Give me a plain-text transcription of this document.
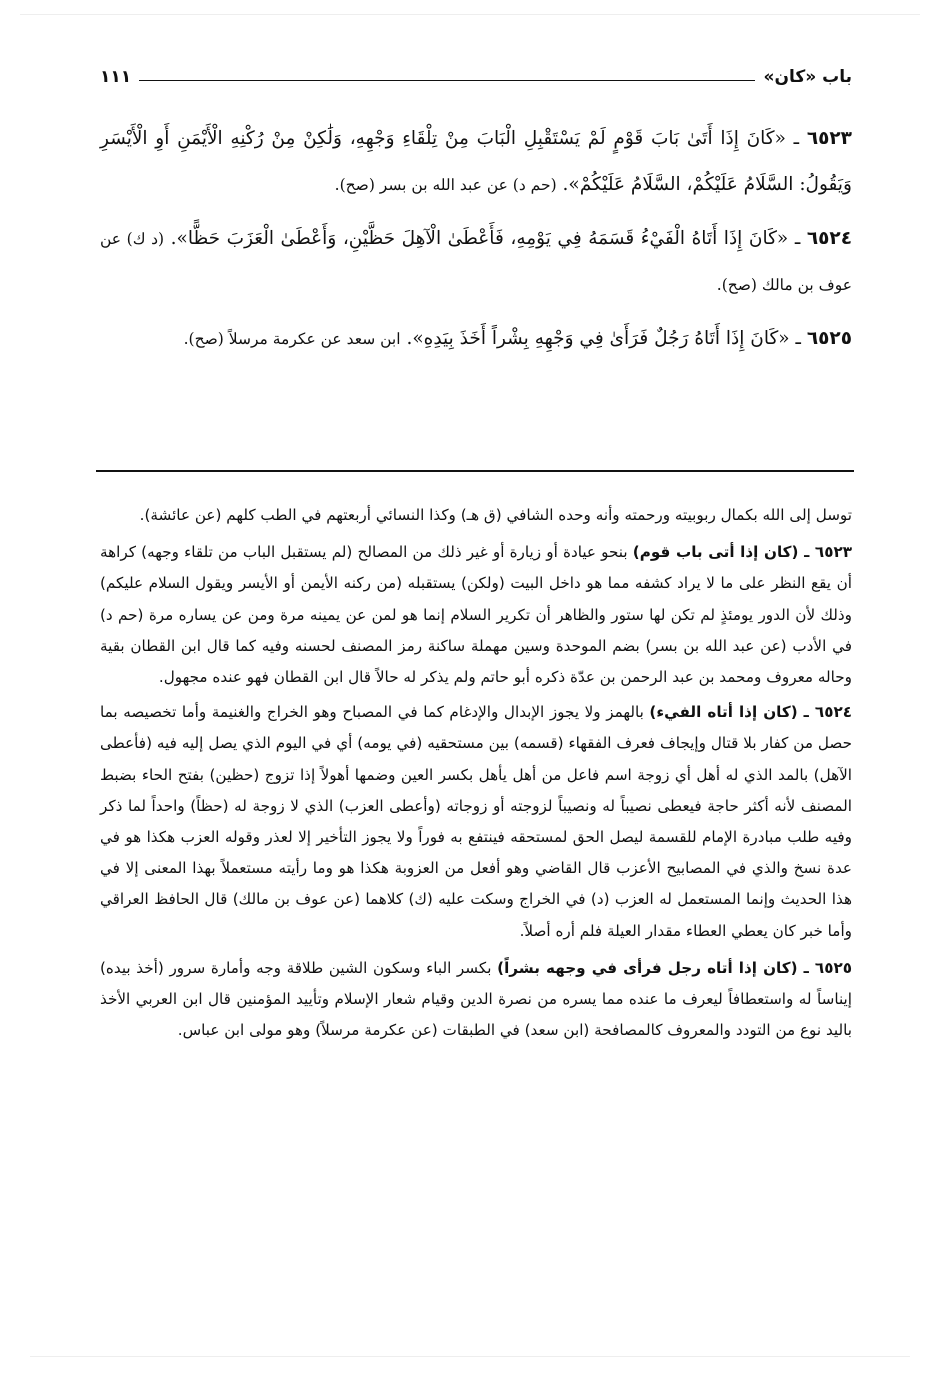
باب «كان»
١١١

٦٥٢٣ ـ «كَانَ إِذَا أَتَىٰ بَابَ قَوْمٍ لَمْ يَسْتَقْبِلِ الْبَابَ مِنْ تِلْقَاءِ وَجْهِهِ، وَلَٰكِنْ مِنْ رُكْنِهِ الْأَيْمَنِ أَوِ الْأَيْسَرِ وَيَقُولُ: السَّلَامُ عَلَيْكُمْ، السَّلَامُ عَلَيْكُمْ». (حم د) عن عبد الله بن بسر (صح).

٦٥٢٤ ـ «كَانَ إِذَا أَتَاهُ الْفَيْءُ قَسَمَهُ فِي يَوْمِهِ، فَأَعْطَىٰ الْآهِلَ حَظَّيْنِ، وَأَعْطَىٰ الْعَزَبَ حَظًّا». (د ك) عن عوف بن مالك (صح).

٦٥٢٥ ـ «كَانَ إِذَا أَتَاهُ رَجُلٌ فَرَأَىٰ فِي وَجْهِهِ بِشْراً أَخَذَ بِيَدِهِ». ابن سعد عن عكرمة مرسلاً (صح).

توسل إلى الله بكمال ربوبيته ورحمته وأنه وحده الشافي (ق هـ) وكذا النسائي أربعتهم في الطب كلهم (عن عائشة).

٦٥٢٣ ـ (كان إذا أتى باب قوم) بنحو عيادة أو زيارة أو غير ذلك من المصالح (لم يستقبل الباب من تلقاء وجهه) كراهة أن يقع النظر على ما لا يراد كشفه مما هو داخل البيت (ولكن) يستقبله (من ركنه الأيمن أو الأيسر ويقول السلام عليكم) وذلك لأن الدور يومئذٍ لم تكن لها ستور والظاهر أن تكرير السلام إنما هو لمن عن يمينه مرة ومن عن يساره مرة (حم د) في الأدب (عن عبد الله بن بسر) بضم الموحدة وسين مهملة ساكنة رمز المصنف لحسنه وفيه كما قال ابن القطان بقية وحاله معروف ومحمد بن عبد الرحمن بن عدّة ذكره أبو حاتم ولم يذكر له حالاً قال ابن القطان فهو عنده مجهول.

٦٥٢٤ ـ (كان إذا أتاه الفيء) بالهمز ولا يجوز الإبدال والإدغام كما في المصباح وهو الخراج والغنيمة وأما تخصيصه بما حصل من كفار بلا قتال وإيجاف فعرف الفقهاء (قسمه) بين مستحقيه (في يومه) أي في اليوم الذي يصل إليه فيه (فأعطى الآهل) بالمد الذي له أهل أي زوجة اسم فاعل من أهل يأهل بكسر العين وضمها أهولاً إذا تزوج (حظين) بفتح الحاء بضبط المصنف لأنه أكثر حاجة فيعطى نصيباً له ونصيباً لزوجته أو زوجاته (وأعطى العزب) الذي لا زوجة له (حظاً) واحداً لما ذكر وفيه طلب مبادرة الإمام للقسمة ليصل الحق لمستحقه فينتفع به فوراً ولا يجوز التأخير إلا لعذر وقوله العزب هكذا هو في عدة نسخ والذي في المصابيح الأعزب قال القاضي وهو أفعل من العزوبة هكذا هو وما رأيته مستعملاً بهذا المعنى إلا في هذا الحديث وإنما المستعمل له العزب (د) في الخراج وسكت عليه (ك) كلاهما (عن عوف بن مالك) قال الحافظ العراقي وأما خبر كان يعطي العطاء مقدار العيلة فلم أره أصلاً.

٦٥٢٥ ـ (كان إذا أتاه رجل فرأى في وجهه بشراً) بكسر الباء وسكون الشين طلاقة وجه وأمارة سرور (أخذ بيده) إيناساً له واستعطافاً ليعرف ما عنده مما يسره من نصرة الدين وقيام شعار الإسلام وتأييد المؤمنين قال ابن العربي الأخذ باليد نوع من التودد والمعروف كالمصافحة (ابن سعد) في الطبقات (عن عكرمة مرسلاً) وهو مولى ابن عباس.
